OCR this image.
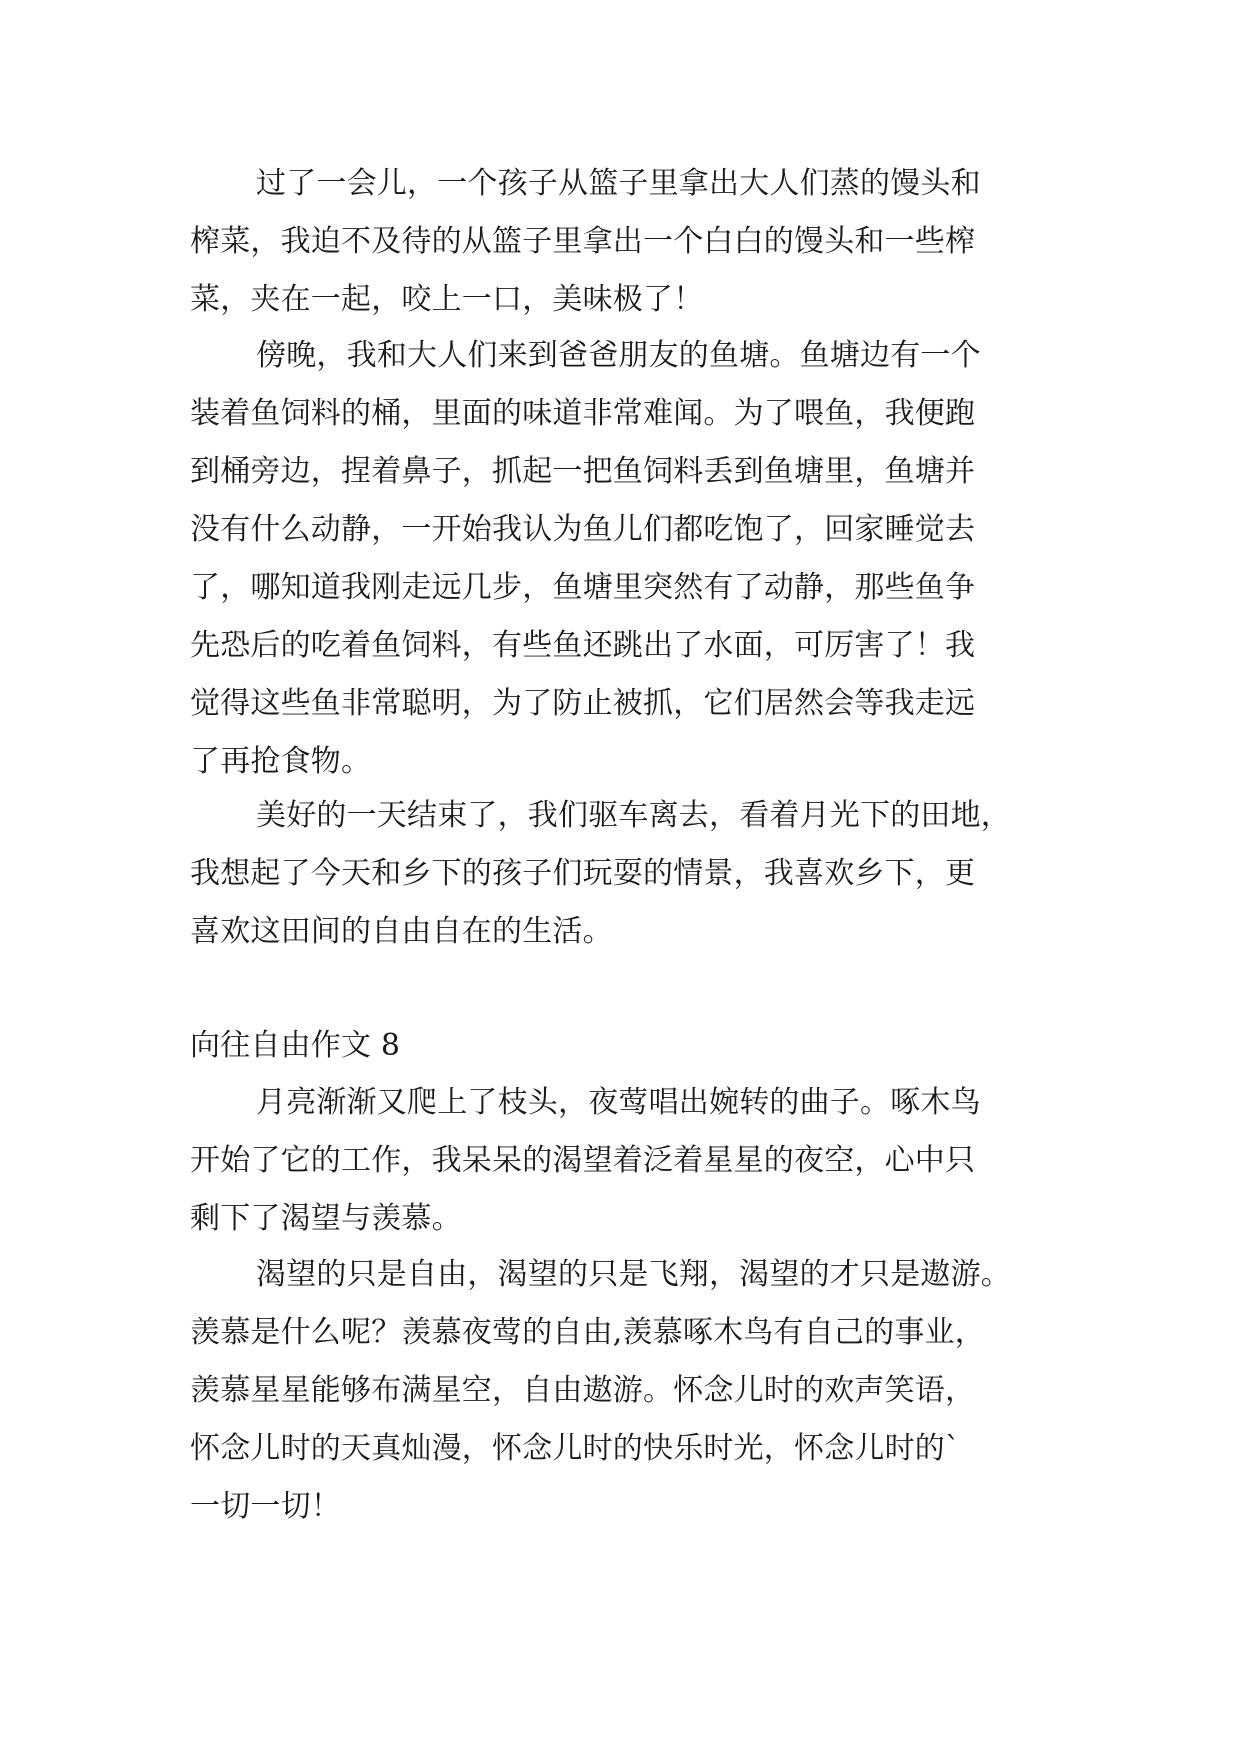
过了一会儿，一个孩子从篮子里拿出大人们蒸的馒头和
榨菜，我迫不及待的从篮子里拿出一个白白的馒头和一些榨
菜，夹在一起，咬上一口，美味极了！
傍晚，我和大人们来到爸爸朋友的鱼塘。鱼塘边有一个
装着鱼饲料的桶，里面的味道非常难闻。为了喂鱼，我便跑
到桶旁边，捏着鼻子，抓起一把鱼饲料丢到鱼塘里，鱼塘并
没有什么动静，一开始我认为鱼儿们都吃饱了，回家睡觉去
了，哪知道我刚走远几步，鱼塘里突然有了动静，那些鱼争
先恐后的吃着鱼饲料，有些鱼还跳出了水面，可厉害了！我
觉得这些鱼非常聪明，为了防止被抓，它们居然会等我走远
了再抢食物。
美好的一天结束了，我们驱车离去，看着月光下的田地，
我想起了今天和乡下的孩子们玩耍的情景，我喜欢乡下，更
喜欢这田间的自由自在的生活。
向往自由作文 8
月亮渐渐又爬上了枝头，夜莺唱出婉转的曲子。啄木鸟
开始了它的工作，我呆呆的渴望着泛着星星的夜空，心中只
剩下了渴望与羡慕。
渴望的只是自由，渴望的只是飞翔，渴望的才只是遨游。
羡慕是什么呢？羡慕夜莺的自由,羡慕啄木鸟有自己的事业，
羡慕星星能够布满星空，自由遨游。怀念儿时的欢声笑语，
怀念儿时的天真灿漫，怀念儿时的快乐时光，怀念儿时的`
一切一切！
